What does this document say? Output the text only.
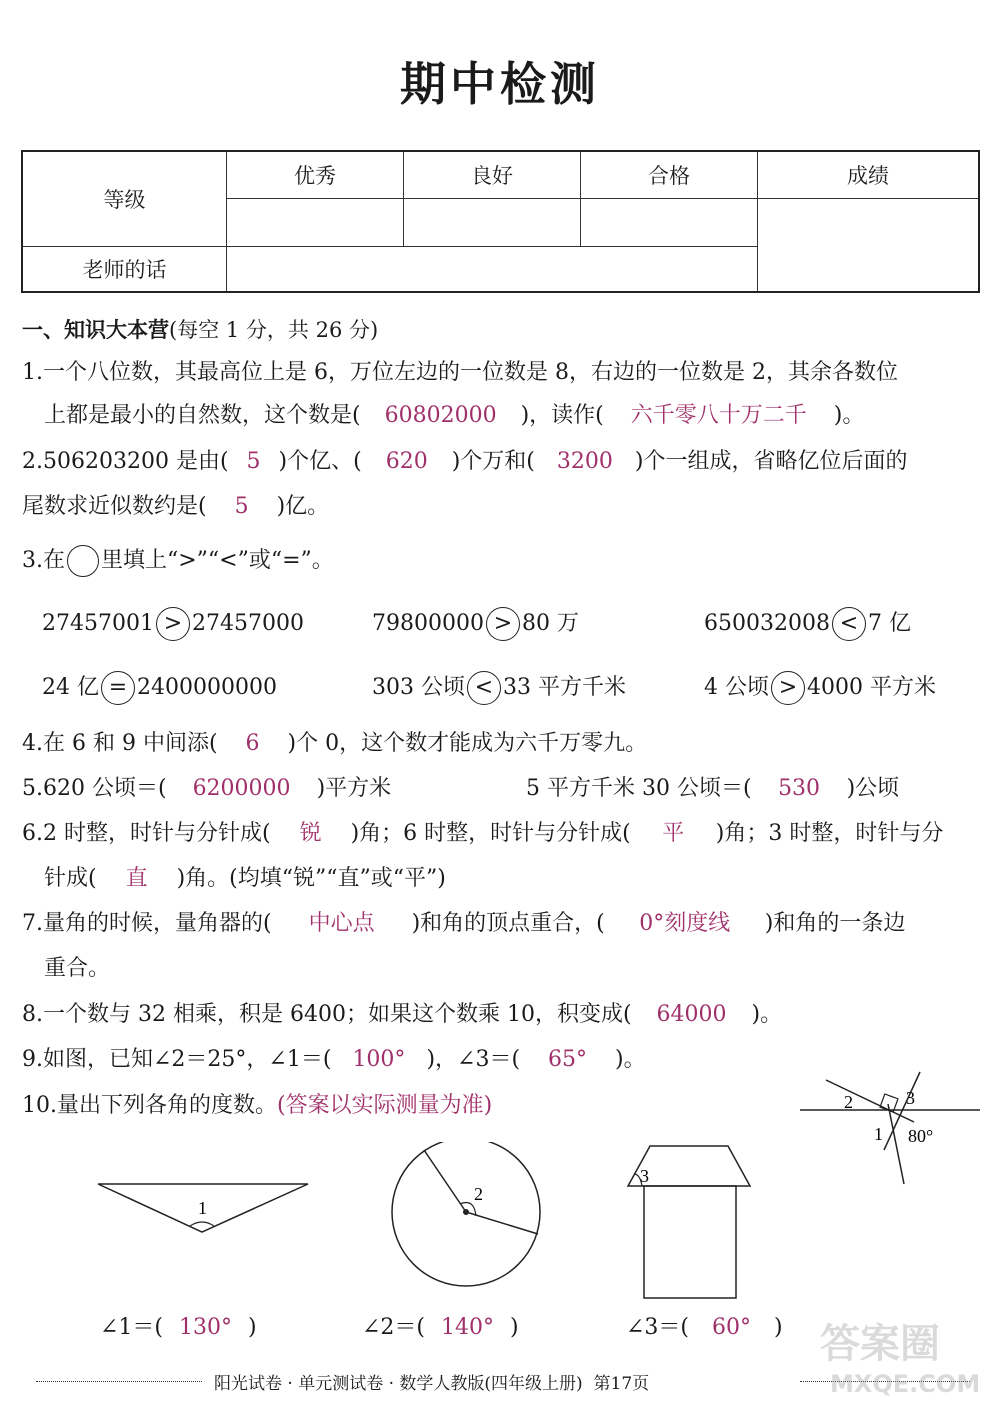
期中检测
等级	优秀	良好	合格	成绩

老师的话				
一、知识大本营(每空 1 分，共 26 分)
1.一个八位数，其最高位上是 6，万位左边的一位数是 8，右边的一位数是 2，其余各数位
上都是最小的自然数，这个数是( 60802000 )，读作( 六千零八十万二千 )。
2.506203200 是由( 5 )个亿、( 620 )个万和( 3200 )个一组成，省略亿位后面的
尾数求近似数约是( 5 )亿。
3.在 里填上“>”“<”或“=”。
27457001 > 27457000	79800000 > 80 万	650032008 < 7 亿
24 亿 = 2400000000	303 公顷 < 33 平方千米	4 公顷 > 4000 平方米
4.在 6 和 9 中间添( 6 )个 0，这个数才能成为六千万零九。
5.620 公顷＝( 6200000 )平方米	5 平方千米 30 公顷＝( 530 )公顷
6.2 时整，时针与分针成( 锐 )角；6 时整，时针与分针成( 平 )角；3 时整，时针与分
针成( 直 )角。(均填“锐”“直”或“平”)
7.量角的时候，量角器的( 中心点 )和角的顶点重合，( 0°刻度线 )和角的一条边
重合。
8.一个数与 32 相乘，积是 6400；如果这个数乘 10，积变成( 64000 )。
9.如图，已知∠2＝25°，∠1＝( 100° )，∠3＝( 65° )。
2	3
1 80°
10.量出下列各角的度数。(答案以实际测量为准)
1
2
3
∠1＝( 130° )	∠2＝( 140° )	∠3＝( 60° )
阳光试卷 · 单元测试卷 · 数学人教版(四年级上册) 第17页
答案圈
MXQE.COM
